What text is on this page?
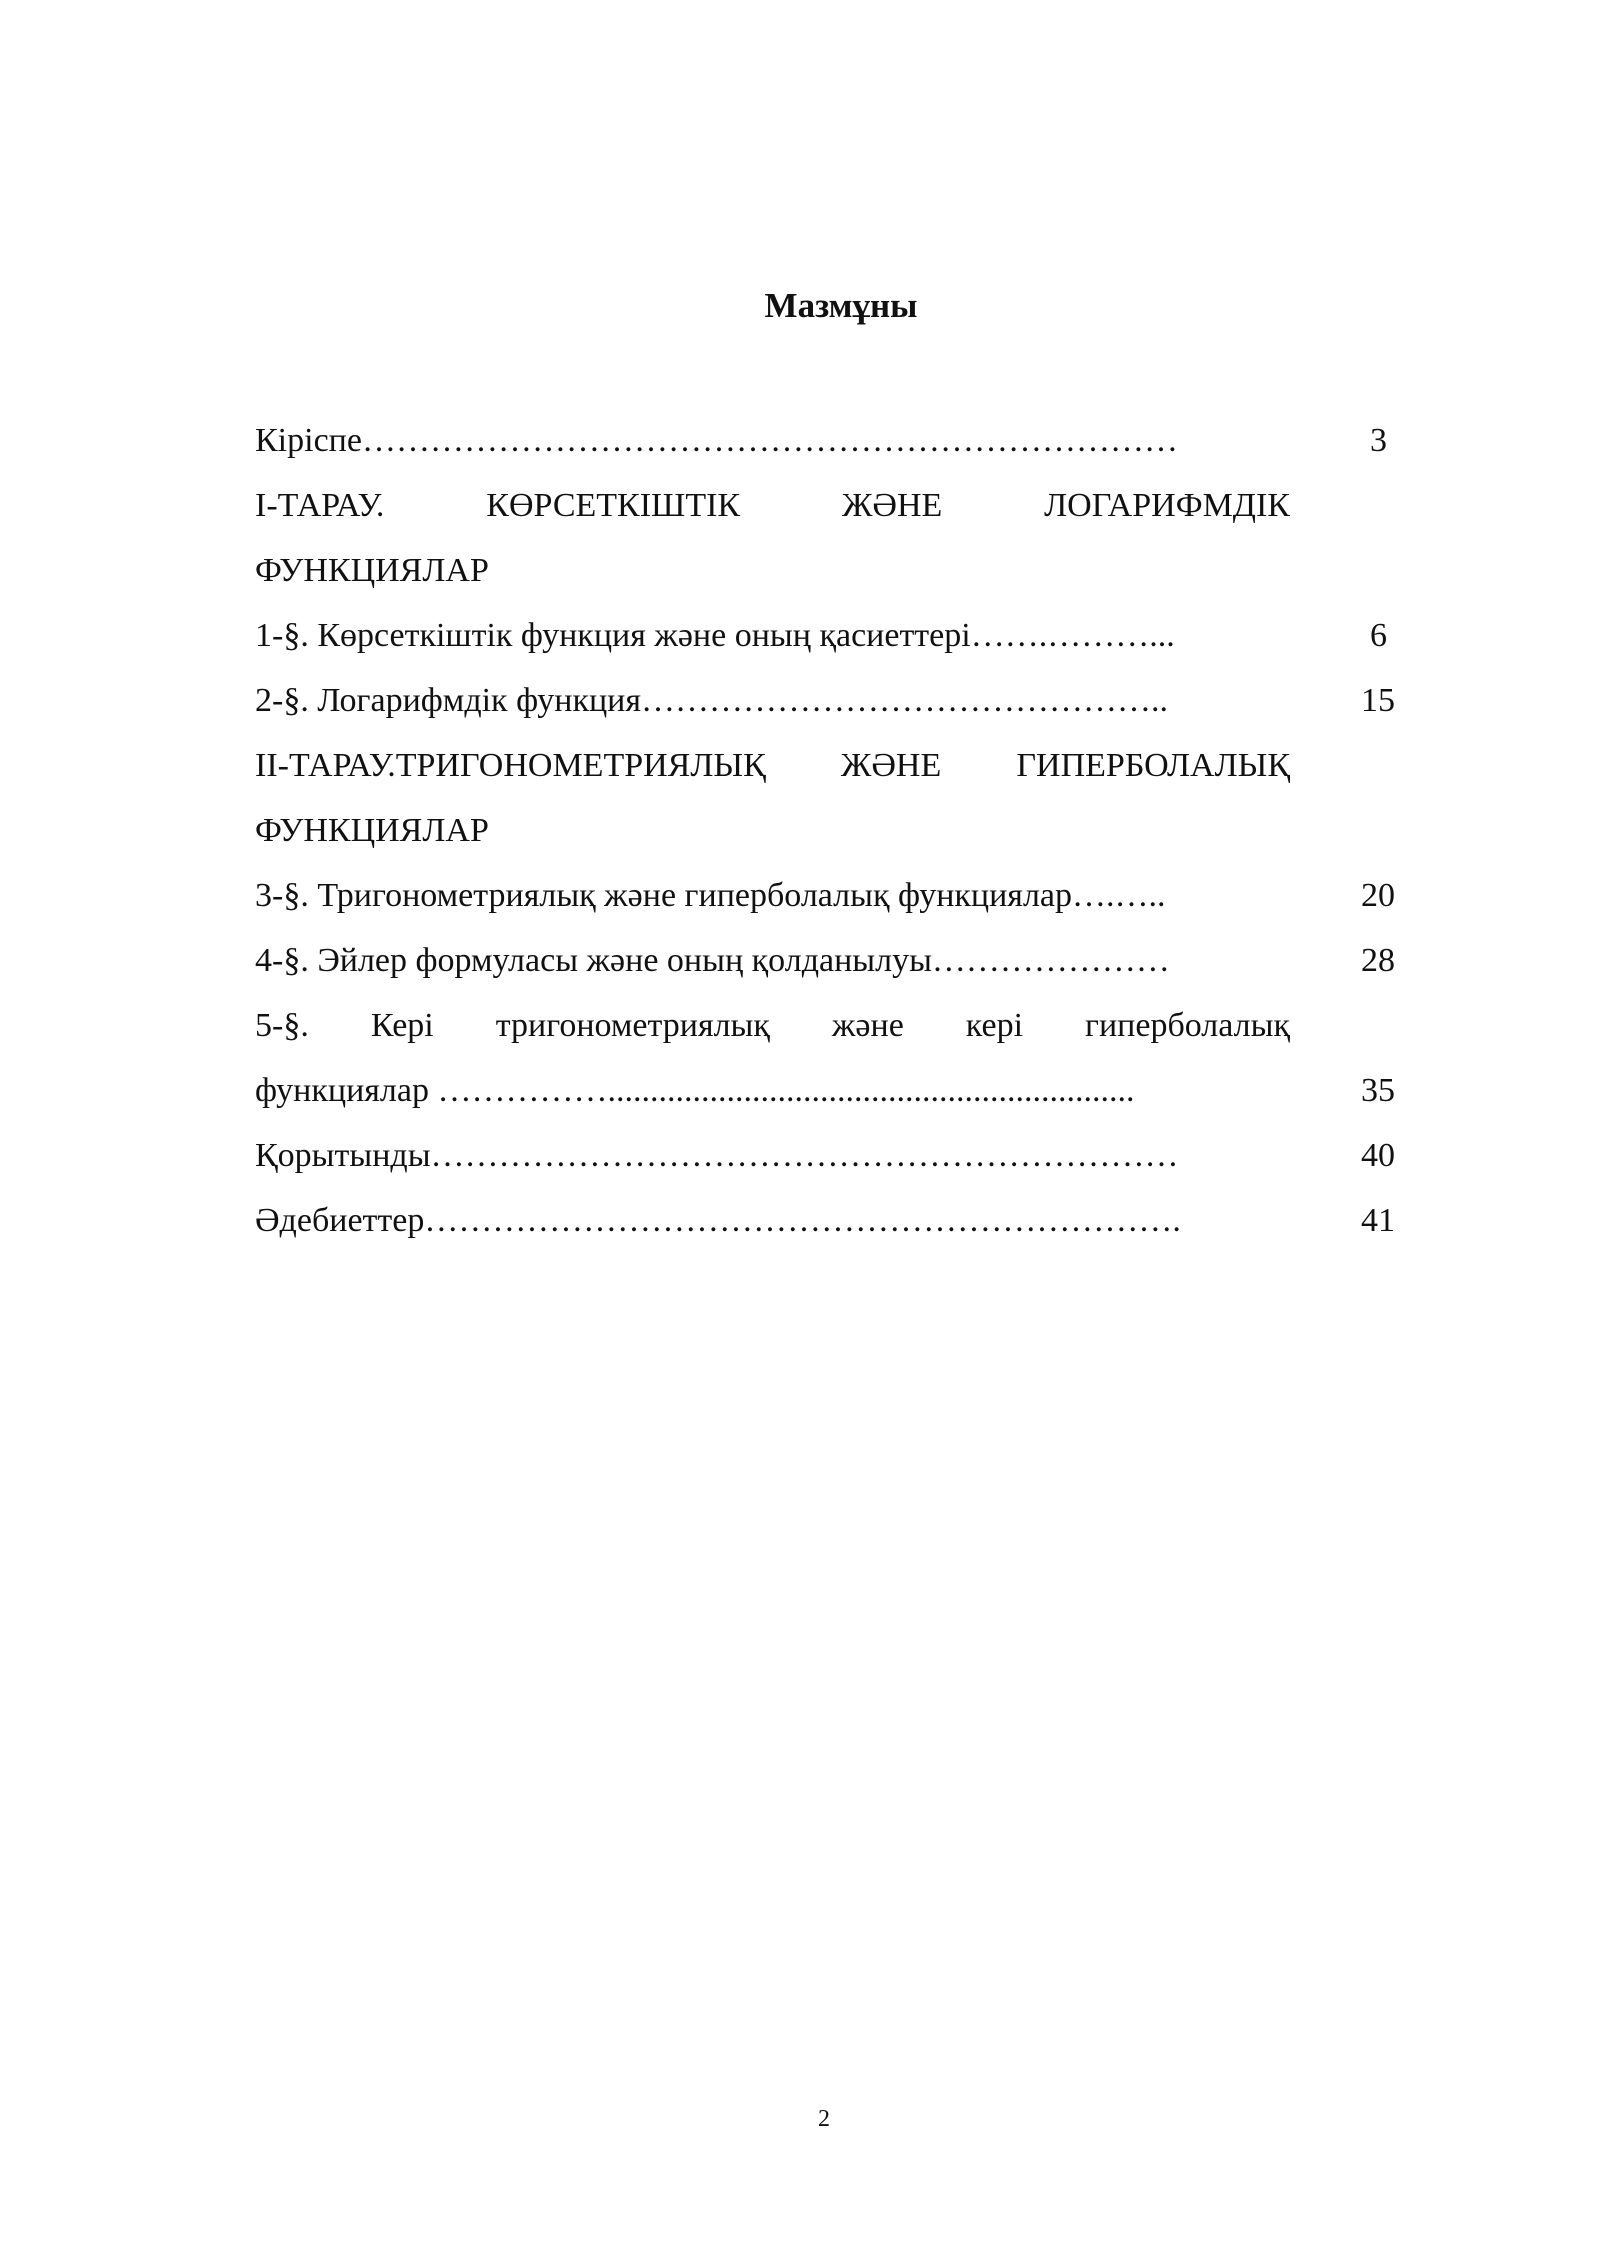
Мазмұны
Кіріспе………………………………………………………………	3
І-ТАРАУ. КӨРСЕТКІШТІК ЖӘНЕ ЛОГАРИФМДІК
ФУНКЦИЯЛАР
1-§. Көрсеткіштік функция және оның қасиеттері…….………...	6
2-§. Логарифмдік функция………………………………………..	15
ІІ-ТАРАУ.ТРИГОНОМЕТРИЯЛЫҚ ЖӘНЕ ГИПЕРБОЛАЛЫҚ
ФУНКЦИЯЛАР
3-§. Тригонометриялық және гиперболалық функциялар….…..	20
4-§. Эйлер формуласы және оның қолданылуы…………………	28
5-§. Кері тригонометриялық және кері гиперболалық
функциялар ……………..............................................................	35
Қорытынды…………………………………………………………	40
Әдебиеттер………………………………………………………….	41
2
